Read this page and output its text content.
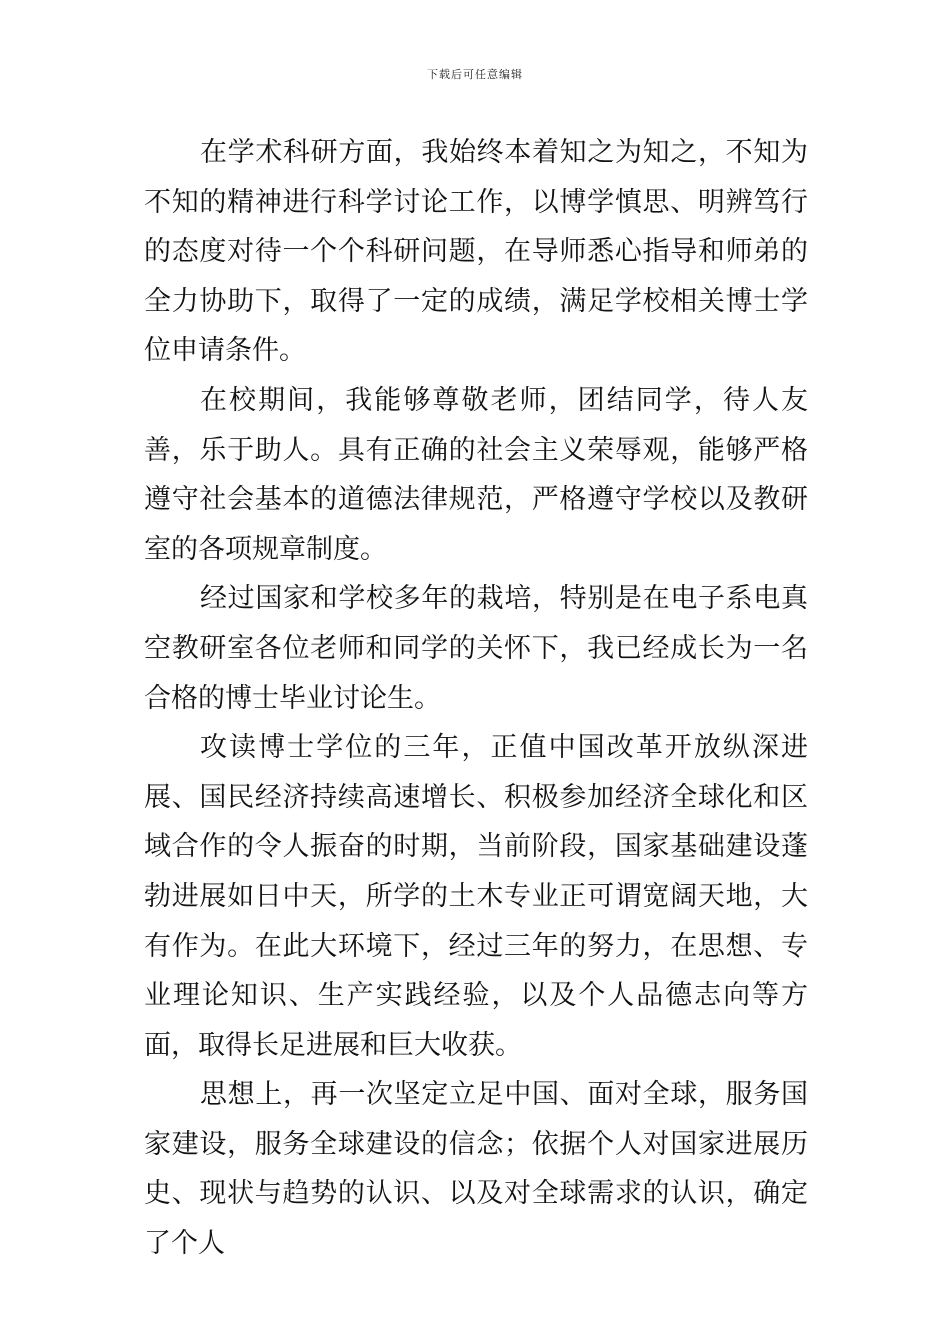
下载后可任意编辑

在学术科研方面，我始终本着知之为知之，不知为不知的精神进行科学讨论工作，以博学慎思、明辨笃行的态度对待一个个科研问题，在导师悉心指导和师弟的全力协助下，取得了一定的成绩，满足学校相关博士学位申请条件。

在校期间，我能够尊敬老师，团结同学，待人友善，乐于助人。具有正确的社会主义荣辱观，能够严格遵守社会基本的道德法律规范，严格遵守学校以及教研室的各项规章制度。

经过国家和学校多年的栽培，特别是在电子系电真空教研室各位老师和同学的关怀下，我已经成长为一名合格的博士毕业讨论生。

攻读博士学位的三年，正值中国改革开放纵深进展、国民经济持续高速增长、积极参加经济全球化和区域合作的令人振奋的时期，当前阶段，国家基础建设蓬勃进展如日中天，所学的土木专业正可谓宽阔天地，大有作为。在此大环境下，经过三年的努力，在思想、专业理论知识、生产实践经验，以及个人品德志向等方面，取得长足进展和巨大收获。

思想上，再一次坚定立足中国、面对全球，服务国家建设，服务全球建设的信念；依据个人对国家进展历史、现状与趋势的认识、以及对全球需求的认识，确定了个人
